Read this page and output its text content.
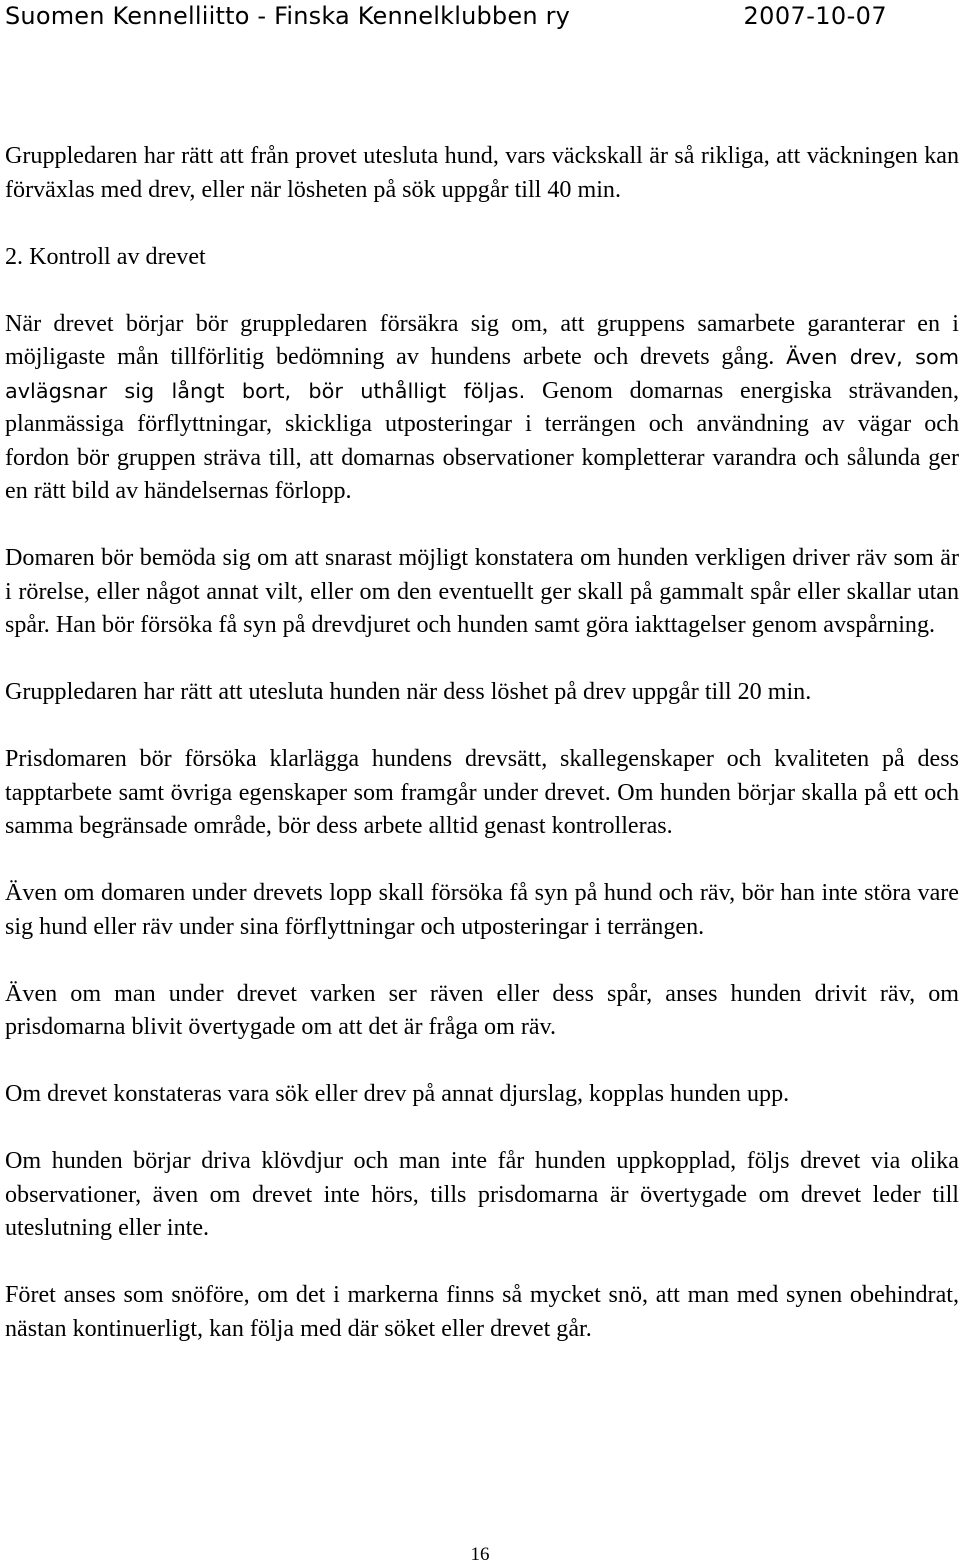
Suomen Kennelliitto - Finska Kennelklubben ry	2007-10-07

Gruppledaren har rätt att från provet utesluta hund, vars väckskall är så rikliga, att väckningen kan förväxlas med drev, eller när lösheten på sök uppgår till 40 min.

2. Kontroll av drevet

När drevet börjar bör gruppledaren försäkra sig om, att gruppens samarbete garanterar en i möjligaste mån tillförlitig bedömning av hundens arbete och drevets gång. Även drev, som avlägsnar sig långt bort, bör uthålligt följas. Genom domarnas energiska strävanden, planmässiga förflyttningar, skickliga utposteringar i terrängen och användning av vägar och fordon bör gruppen sträva till, att domarnas observationer kompletterar varandra och sålunda ger en rätt bild av händelsernas förlopp.

Domaren bör bemöda sig om att snarast möjligt konstatera om hunden verkligen driver räv som är i rörelse, eller något annat vilt, eller om den eventuellt ger skall på gammalt spår eller skallar utan spår. Han bör försöka få syn på drevdjuret och hunden samt göra iakttagelser genom avspårning.

Gruppledaren har rätt att utesluta hunden när dess löshet på drev uppgår till 20 min.

Prisdomaren bör försöka klarlägga hundens drevsätt, skallegenskaper och kvaliteten på dess tapptarbete samt övriga egenskaper som framgår under drevet. Om hunden börjar skalla på ett och samma begränsade område, bör dess arbete alltid genast kontrolleras.

Även om domaren under drevets lopp skall försöka få syn på hund och räv, bör han inte störa vare sig hund eller räv under sina förflyttningar och utposteringar i terrängen.

Även om man under drevet varken ser räven eller dess spår, anses hunden drivit räv, om prisdomarna blivit övertygade om att det är fråga om räv.

Om drevet konstateras vara sök eller drev på annat djurslag, kopplas hunden upp.

Om hunden börjar driva klövdjur och man inte får hunden uppkopplad, följs drevet via olika observationer, även om drevet inte hörs, tills prisdomarna är övertygade om drevet leder till uteslutning eller inte.

Föret anses som snöföre, om det i markerna finns så mycket snö, att man med synen obehindrat, nästan kontinuerligt, kan följa med där söket eller drevet går.

16
